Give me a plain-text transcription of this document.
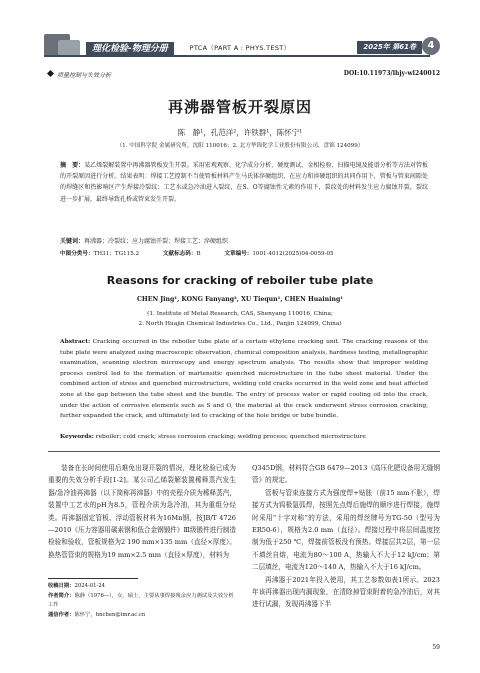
理化检验-物理分册	PTCA（PART A : PHYS.TEST）	2025年 第61卷	4
质量控制与失效分析	DOI:10.11973/lhjy-wl240012
再沸器管板开裂原因
陈　静¹，孔范洋²，许铁群¹，陈怀宁¹
（1. 中国科学院 金属研究所，沈阳 110016；2. 北方华锦化学工业股份有限公司，盘锦 124099）
摘　要：某乙烯裂解装置中再沸器管板发生开裂。采用宏观观察、化学成分分析、硬度测试、金相检验、扫描电镜及能谱分析等方法对管板的开裂原因进行分析。结果表明：焊接工艺控制不当使管板材料产生马氏体淬硬组织，在应力和淬硬组织的共同作用下，管板与管束间隙处的焊缝区和热影响区产生焊接冷裂纹；工艺水或急冷油进入裂纹，在S、O等腐蚀性元素的作用下，裂纹处的材料发生应力腐蚀开裂，裂纹进一步扩展，最终导致孔桥或管束发生开裂。
关键词：再沸器；冷裂纹；应力腐蚀开裂；焊接工艺；淬硬组织
中图分类号：TH31；TG115.2	文献标志码：B	文章编号：1001-4012(2025)04-0059-05
Reasons for cracking of reboiler tube plate
CHEN Jing¹, KONG Fanyang², XU Tiequn¹, CHEN Huaining¹
(1. Institute of Metal Research, CAS, Shenyang 110016, China;
2. North Huajin Chemical Industries Co., Ltd., Panjin 124099, China)
Abstract: Cracking occurred in the reboiler tube plate of a certain ethylene cracking unit. The cracking reasons of the tube plate were analyzed using macroscopic observation, chemical composition analysis, hardness testing, metallographic examination, scanning electron microscopy and energy spectrum analysis. The results show that improper welding process control led to the formation of martensitic quenched microstructure in the tube sheet material. Under the combined action of stress and quenched microstructure, welding cold cracks occurred in the weld zone and heat affected zone at the gap between the tube sheet and the bundle. The entry of process water or rapid cooling oil into the crack, under the action of corrosive elements such as S and O, the material at the crack underwent stress corrosion cracking, further expanded the crack, and ultimately led to cracking of the hole bridge or tube bundle.
Keywords: reboiler; cold crack; stress corrosion cracking; welding process; quenched microstructure

装备在长时间使用后难免出现开裂的情况，理化检验已成为重要的失效分析手段[1-2]。某公司乙烯裂解装置稀释蒸汽发生器/急冷油再沸器（以下简称再沸器）中的壳程介质为稀释蒸汽，装置中工艺水的pH为8.5，管程介质为急冷油，其为重组分烃类。再沸器固定管板、浮动管板材料为16Mn钢，按JB/T 4726—2010《压力容器用碳素钢和低合金钢锻件》Ⅲ级锻件进行制造检验和验收，管板规格为2 190 mm×135 mm（直径×厚度）。换热管管束的规格为19 mm×2.5 mm（直径×厚度），材料为

Q345D钢，材料符合GB 6479—2013《高压化肥设备用无缝钢管》的规定。

管板与管束连接方式为强度焊+贴胀（前15 mm不胀），焊接方式为钨极氩弧焊，按照先点焊后施焊的顺序进行焊接，施焊时采用“十字对称”的方法，采用的焊丝牌号为TG-50（型号为ER50-6），规格为2.0 mm（直径）。焊接过程中将层间温度控制为低于250 ℃，焊接前管板没有预热。焊接层共2层，第一层不填丝自熔，电流为80～100 A，热输入不大于12 kJ/cm；第二层填丝，电流为120～140 A，热输入不大于16 kJ/cm。

再沸器于2021年投入使用，其工艺参数如表1所示。2023年该再沸器出现内漏现象，在清除掉管束附着的急冷油后，对其进行试漏，发现再沸器下半

收稿日期：2024-01-24
作者简介：陈静（1976—），女，硕士，主要从事焊接残余应力测试及失效分析工作
通信作者：陈怀宁，hnchen@imr.ac.cn
59
